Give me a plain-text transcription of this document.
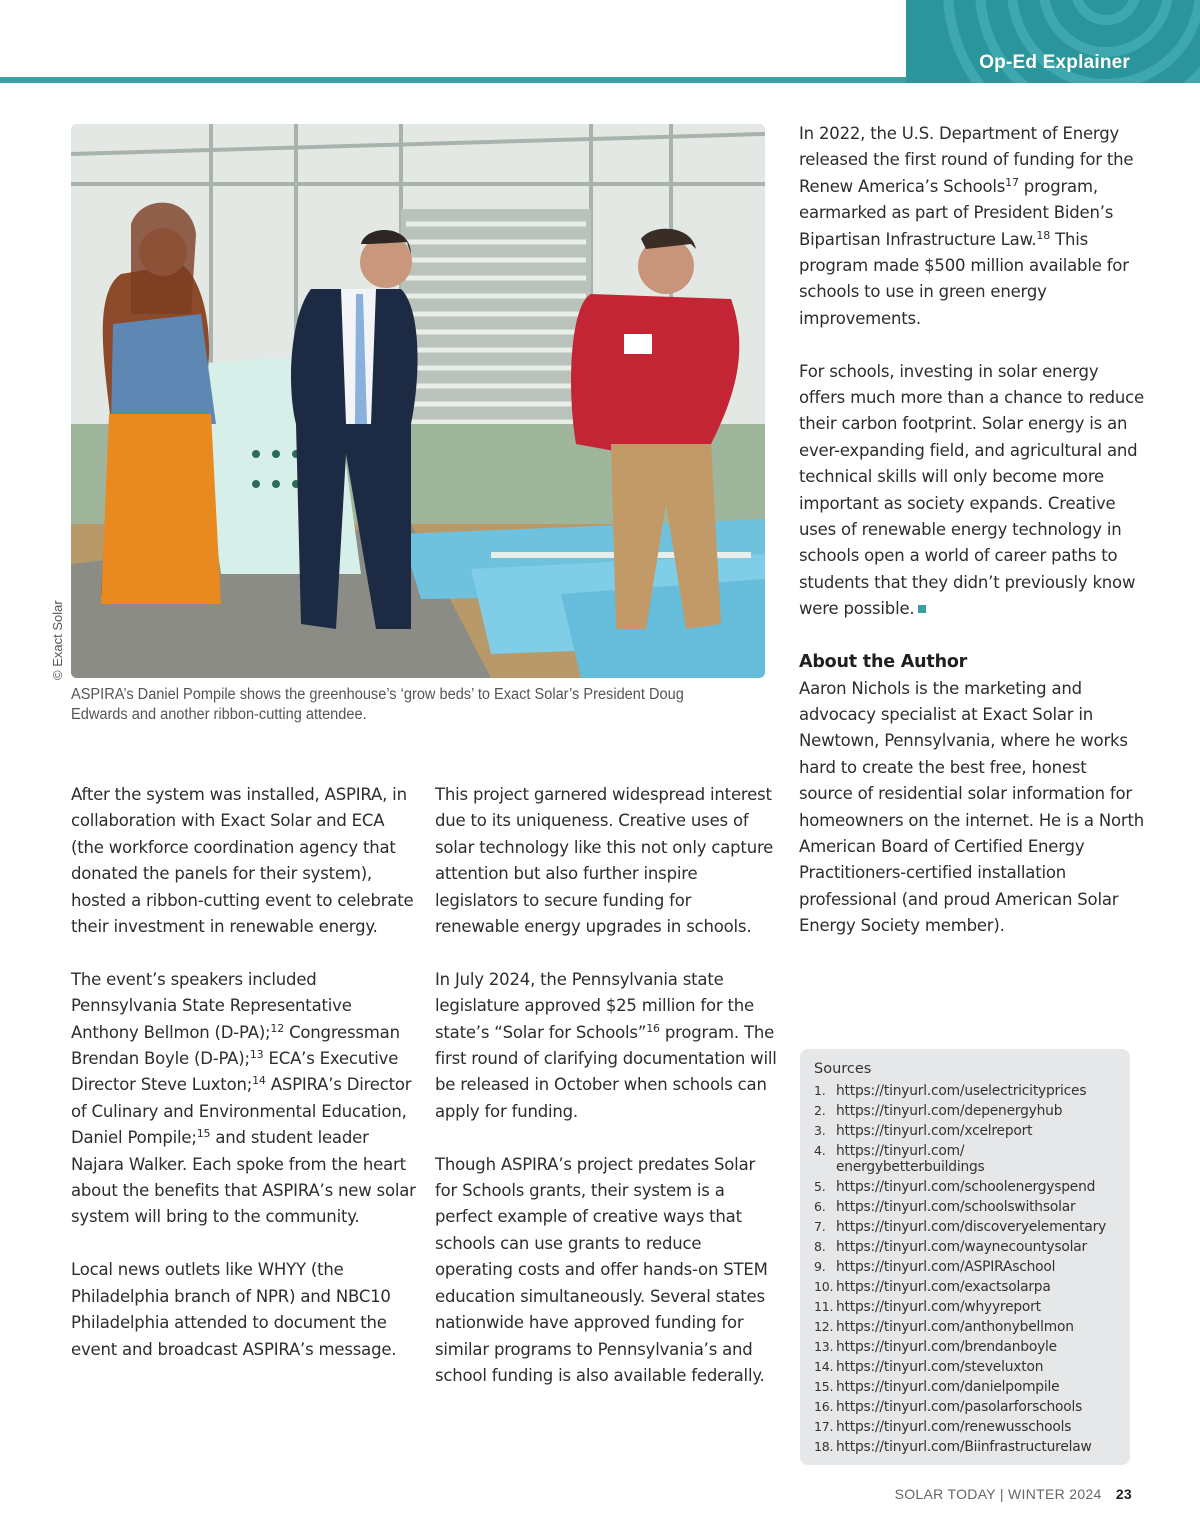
Op-Ed Explainer
© Exact Solar
ASPIRA’s Daniel Pompile shows the greenhouse’s ‘grow beds’ to Exact Solar’s President Doug Edwards and another ribbon-cutting attendee.

After the system was installed, ASPIRA, in collaboration with Exact Solar and ECA (the workforce coordination agency that donated the panels for their system), hosted a ribbon-cutting event to celebrate their investment in renewable energy.

The event’s speakers included Pennsylvania State Representative Anthony Bellmon (D-PA);$^{12}$ Congressman Brendan Boyle (D-PA);$^{13}$ ECA’s Executive Director Steve Luxton;$^{14}$ ASPIRA’s Director of Culinary and Environmental Education, Daniel Pompile;$^{15}$ and student leader Najara Walker. Each spoke from the heart about the benefits that ASPIRA’s new solar system will bring to the community.

Local news outlets like WHYY (the Philadelphia branch of NPR) and NBC10 Philadelphia attended to document the event and broadcast ASPIRA’s message.

This project garnered widespread interest due to its uniqueness. Creative uses of solar technology like this not only capture attention but also further inspire legislators to secure funding for renewable energy upgrades in schools.

In July 2024, the Pennsylvania state legislature approved $25 million for the state’s “Solar for Schools”$^{16}$ program. The first round of clarifying documentation will be released in October when schools can apply for funding.

Though ASPIRA’s project predates Solar for Schools grants, their system is a perfect example of creative ways that schools can use grants to reduce operating costs and offer hands-on STEM education simultaneously. Several states nationwide have approved funding for similar programs to Pennsylvania’s and school funding is also available federally.

In 2022, the U.S. Department of Energy released the first round of funding for the Renew America’s Schools$^{17}$ program, earmarked as part of President Biden’s Bipartisan Infrastructure Law.$^{18}$ This program made $500 million available for schools to use in green energy improvements.

For schools, investing in solar energy offers much more than a chance to reduce their carbon footprint. Solar energy is an ever-expanding field, and agricultural and technical skills will only become more important as society expands. Creative uses of renewable energy technology in schools open a world of career paths to students that they didn’t previously know were possible.

About the Author

Aaron Nichols is the marketing and advocacy specialist at Exact Solar in Newtown, Pennsylvania, where he works hard to create the best free, honest source of residential solar information for homeowners on the internet. He is a North American Board of Certified Energy Practitioners-certified installation professional (and proud American Solar Energy Society member).

Sources
1. https://tinyurl.com/uselectricityprices
2. https://tinyurl.com/depenergyhub
3. https://tinyurl.com/xcelreport
4. https://tinyurl.com/ energybetterbuildings
5. https://tinyurl.com/schoolenergyspend
6. https://tinyurl.com/schoolswithsolar
7. https://tinyurl.com/discoveryelementary
8. https://tinyurl.com/waynecountysolar
9. https://tinyurl.com/ASPIRAschool
10. https://tinyurl.com/exactsolarpa
11. https://tinyurl.com/whyyreport
12. https://tinyurl.com/anthonybellmon
13. https://tinyurl.com/brendanboyle
14. https://tinyurl.com/steveluxton
15. https://tinyurl.com/danielpompile
16. https://tinyurl.com/pasolarforschools
17. https://tinyurl.com/renewusschools
18. https://tinyurl.com/Biinfrastructurelaw
SOLAR TODAY | WINTER 2024 23
